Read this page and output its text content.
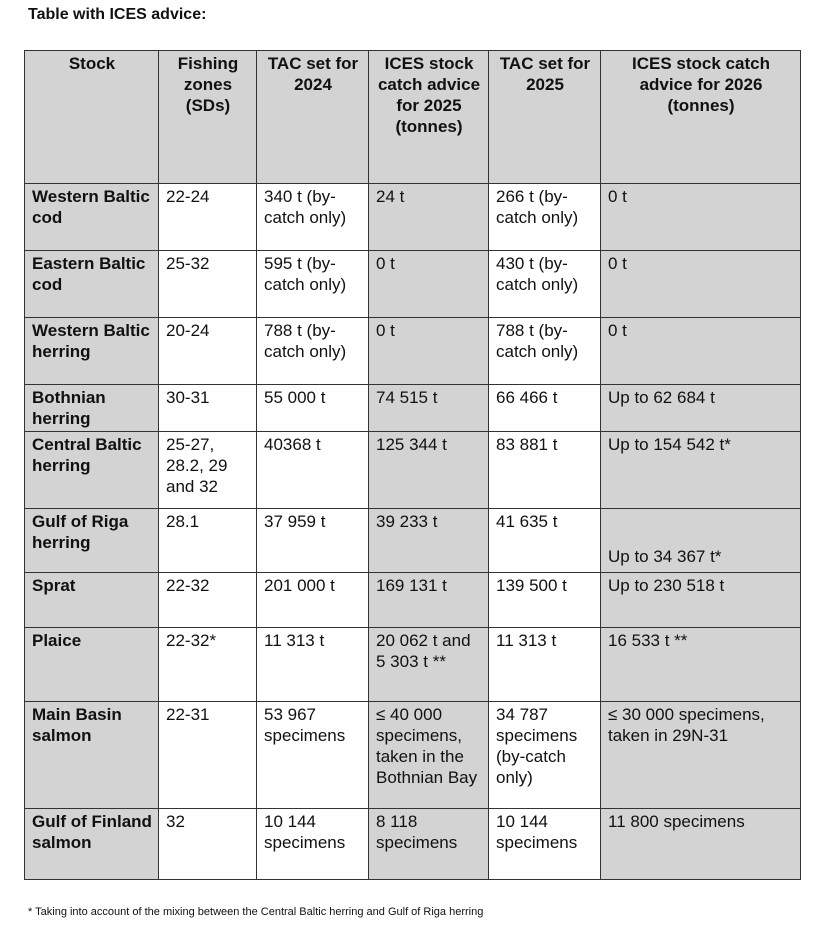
Table with ICES advice:
Stock	Fishing zones (SDs)	TAC set for 2024	ICES stock catch advice for 2025 (tonnes)	TAC set for 2025	ICES stock catch advice for 2026 (tonnes)
Western Baltic cod	22-24	340 t (by-catch only)	24 t	266 t (by-catch only)	0 t
Eastern Baltic cod	25-32	595 t (by-catch only)	0 t	430 t (by-catch only)	0 t
Western Baltic herring	20-24	788 t (by-catch only)	0 t	788 t (by-catch only)	0 t
Bothnian herring	30-31	55 000 t	74 515 t	66 466 t	Up to 62 684 t
Central Baltic herring	25-27, 28.2, 29 and 32	40368 t	125 344 t	83 881 t	Up to 154 542 t*
Gulf of Riga herring	28.1	37 959 t	39 233 t	41 635 t	Up to 34 367 t*

Sprat	22-32	201 000 t	169 131 t	139 500 t	Up to 230 518 t
Plaice	22-32*	11 313 t	20 062 t and 5 303 t **	11 313 t	16 533 t **
Main Basin salmon	22-31	53 967 specimens	≤ 40 000 specimens, taken in the Bothnian Bay	34 787 specimens (by-catch only)	≤ 30 000 specimens, taken in 29N-31
Gulf of Finland salmon	32	10 144 specimens	8 118 specimens	10 144 specimens	11 800 specimens
* Taking into account of the mixing between the Central Baltic herring and Gulf of Riga herring
